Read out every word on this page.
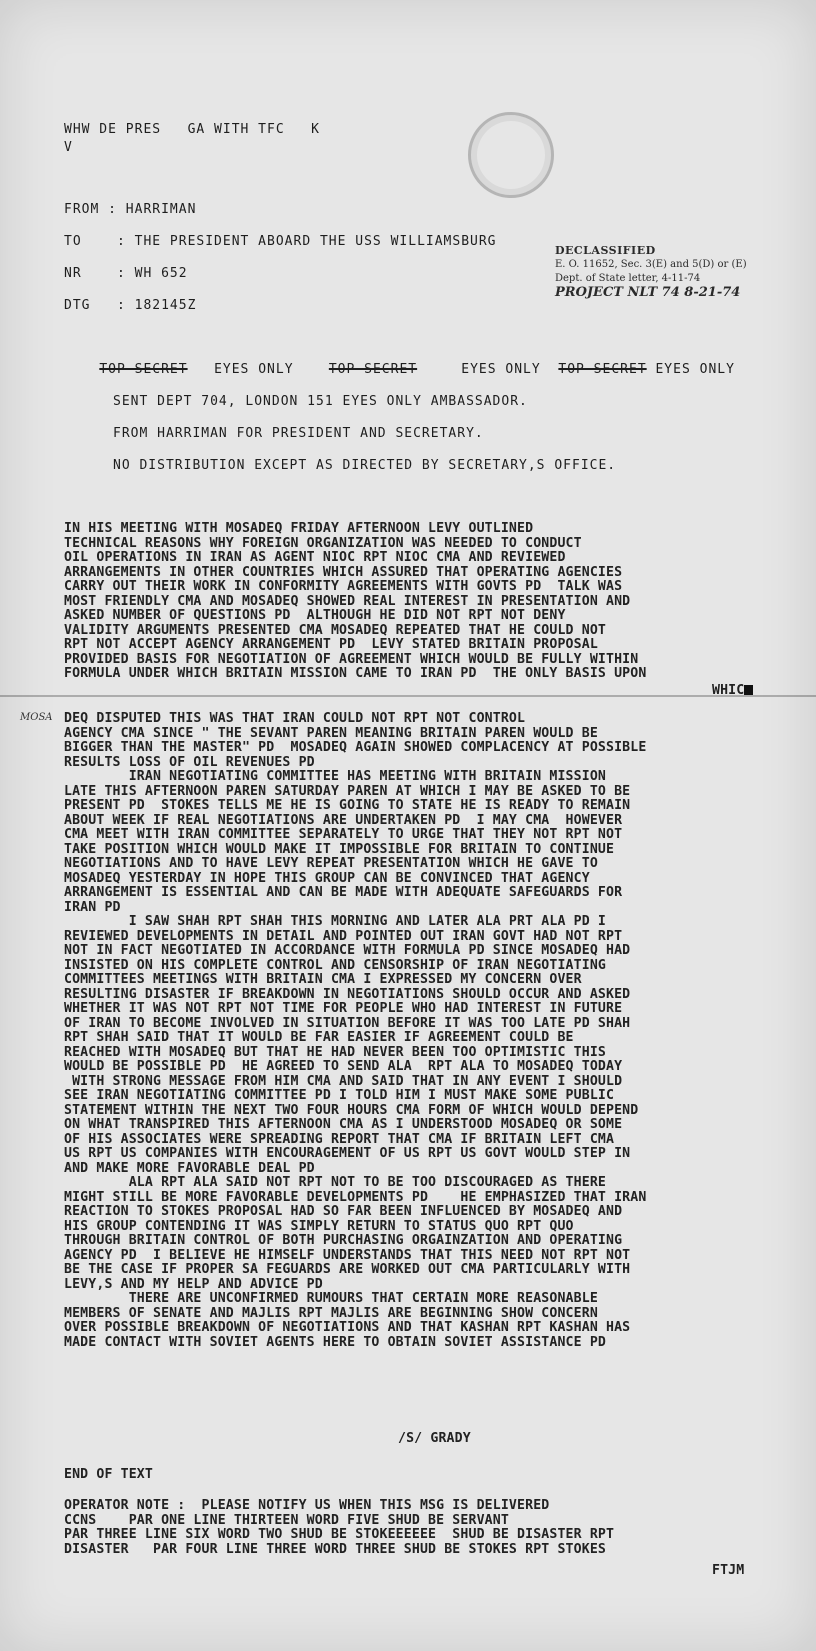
WHW DE PRES   GA WITH TFC   K
V
FROM : HARRIMAN
TO    : THE PRESIDENT ABOARD THE USS WILLIAMSBURG
NR    : WH 652
DTG   : 182145Z
DECLASSIFIED
E. O. 11652, Sec. 3(E) and 5(D) or (E)
Dept. of State letter, 4-11-74
PROJECT NLT 74 8-21-74

TOP SECRET EYES ONLY	TOP SECRET	EYES ONLY TOP SECRET EYES ONLY

SENT DEPT 704, LONDON 151 EYES ONLY AMBASSADOR.
FROM HARRIMAN FOR PRESIDENT AND SECRETARY.
NO DISTRIBUTION EXCEPT AS DIRECTED BY SECRETARY,S OFFICE.
IN HIS MEETING WITH MOSADEQ FRIDAY AFTERNOON LEVY OUTLINED
TECHNICAL REASONS WHY FOREIGN ORGANIZATION WAS NEEDED TO CONDUCT
OIL OPERATIONS IN IRAN AS AGENT NIOC RPT NIOC CMA AND REVIEWED
ARRANGEMENTS IN OTHER COUNTRIES WHICH ASSURED THAT OPERATING AGENCIES
CARRY OUT THEIR WORK IN CONFORMITY AGREEMENTS WITH GOVTS PD  TALK WAS
MOST FRIENDLY CMA AND MOSADEQ SHOWED REAL INTEREST IN PRESENTATION AND
ASKED NUMBER OF QUESTIONS PD  ALTHOUGH HE DID NOT RPT NOT DENY
VALIDITY ARGUMENTS PRESENTED CMA MOSADEQ REPEATED THAT HE COULD NOT
RPT NOT ACCEPT AGENCY ARRANGEMENT PD  LEVY STATED BRITAIN PROPOSAL
PROVIDED BASIS FOR NEGOTIATION OF AGREEMENT WHICH WOULD BE FULLY WITHIN
FORMULA UNDER WHICH BRITAIN MISSION CAME TO IRAN PD  THE ONLY BASIS UPON
WHIC
MOSA DEQ DISPUTED THIS WAS THAT IRAN COULD NOT RPT NOT CONTROL
AGENCY CMA SINCE " THE SEVANT PAREN MEANING BRITAIN PAREN WOULD BE
BIGGER THAN THE MASTER" PD  MOSADEQ AGAIN SHOWED COMPLACENCY AT POSSIBLE
RESULTS LOSS OF OIL REVENUES PD
IRAN NEGOTIATING COMMITTEE HAS MEETING WITH BRITAIN MISSION
LATE THIS AFTERNOON PAREN SATURDAY PAREN AT WHICH I MAY BE ASKED TO BE
PRESENT PD  STOKES TELLS ME HE IS GOING TO STATE HE IS READY TO REMAIN
ABOUT WEEK IF REAL NEGOTIATIONS ARE UNDERTAKEN PD  I MAY CMA  HOWEVER
CMA MEET WITH IRAN COMMITTEE SEPARATELY TO URGE THAT THEY NOT RPT NOT
TAKE POSITION WHICH WOULD MAKE IT IMPOSSIBLE FOR BRITAIN TO CONTINUE
NEGOTIATIONS AND TO HAVE LEVY REPEAT PRESENTATION WHICH HE GAVE TO
MOSADEQ YESTERDAY IN HOPE THIS GROUP CAN BE CONVINCED THAT AGENCY
ARRANGEMENT IS ESSENTIAL AND CAN BE MADE WITH ADEQUATE SAFEGUARDS FOR
IRAN PD
I SAW SHAH RPT SHAH THIS MORNING AND LATER ALA PRT ALA PD I
REVIEWED DEVELOPMENTS IN DETAIL AND POINTED OUT IRAN GOVT HAD NOT RPT
NOT IN FACT NEGOTIATED IN ACCORDANCE WITH FORMULA PD SINCE MOSADEQ HAD
INSISTED ON HIS COMPLETE CONTROL AND CENSORSHIP OF IRAN NEGOTIATING
COMMITTEES MEETINGS WITH BRITAIN CMA I EXPRESSED MY CONCERN OVER
RESULTING DISASTER IF BREAKDOWN IN NEGOTIATIONS SHOULD OCCUR AND ASKED
WHETHER IT WAS NOT RPT NOT TIME FOR PEOPLE WHO HAD INTEREST IN FUTURE
OF IRAN TO BECOME INVOLVED IN SITUATION BEFORE IT WAS TOO LATE PD SHAH
RPT SHAH SAID THAT IT WOULD BE FAR EASIER IF AGREEMENT COULD BE
REACHED WITH MOSADEQ BUT THAT HE HAD NEVER BEEN TOO OPTIMISTIC THIS
WOULD BE POSSIBLE PD  HE AGREED TO SEND ALA  RPT ALA TO MOSADEQ TODAY
WITH STRONG MESSAGE FROM HIM CMA AND SAID THAT IN ANY EVENT I SHOULD
SEE IRAN NEGOTIATING COMMITTEE PD I TOLD HIM I MUST MAKE SOME PUBLIC
STATEMENT WITHIN THE NEXT TWO FOUR HOURS CMA FORM OF WHICH WOULD DEPEND
ON WHAT TRANSPIRED THIS AFTERNOON CMA AS I UNDERSTOOD MOSADEQ OR SOME
OF HIS ASSOCIATES WERE SPREADING REPORT THAT CMA IF BRITAIN LEFT CMA
US RPT US COMPANIES WITH ENCOURAGEMENT OF US RPT US GOVT WOULD STEP IN
AND MAKE MORE FAVORABLE DEAL PD
ALA RPT ALA SAID NOT RPT NOT TO BE TOO DISCOURAGED AS THERE
MIGHT STILL BE MORE FAVORABLE DEVELOPMENTS PD    HE EMPHASIZED THAT IRAN
REACTION TO STOKES PROPOSAL HAD SO FAR BEEN INFLUENCED BY MOSADEQ AND
HIS GROUP CONTENDING IT WAS SIMPLY RETURN TO STATUS QUO RPT QUO
THROUGH BRITAIN CONTROL OF BOTH PURCHASING ORGAINZATION AND OPERATING
AGENCY PD  I BELIEVE HE HIMSELF UNDERSTANDS THAT THIS NEED NOT RPT NOT
BE THE CASE IF PROPER SA FEGUARDS ARE WORKED OUT CMA PARTICULARLY WITH
LEVY,S AND MY HELP AND ADVICE PD
THERE ARE UNCONFIRMED RUMOURS THAT CERTAIN MORE REASONABLE
MEMBERS OF SENATE AND MAJLIS RPT MAJLIS ARE BEGINNING SHOW CONCERN
OVER POSSIBLE BREAKDOWN OF NEGOTIATIONS AND THAT KASHAN RPT KASHAN HAS
MADE CONTACT WITH SOVIET AGENTS HERE TO OBTAIN SOVIET ASSISTANCE PD
/S/ GRADY
END OF TEXT
OPERATOR NOTE :  PLEASE NOTIFY US WHEN THIS MSG IS DELIVERED
CCNS    PAR ONE LINE THIRTEEN WORD FIVE SHUD BE SERVANT
PAR THREE LINE SIX WORD TWO SHUD BE STOKEEEEEE  SHUD BE DISASTER RPT
DISASTER   PAR FOUR LINE THREE WORD THREE SHUD BE STOKES RPT STOKES
FTJM
